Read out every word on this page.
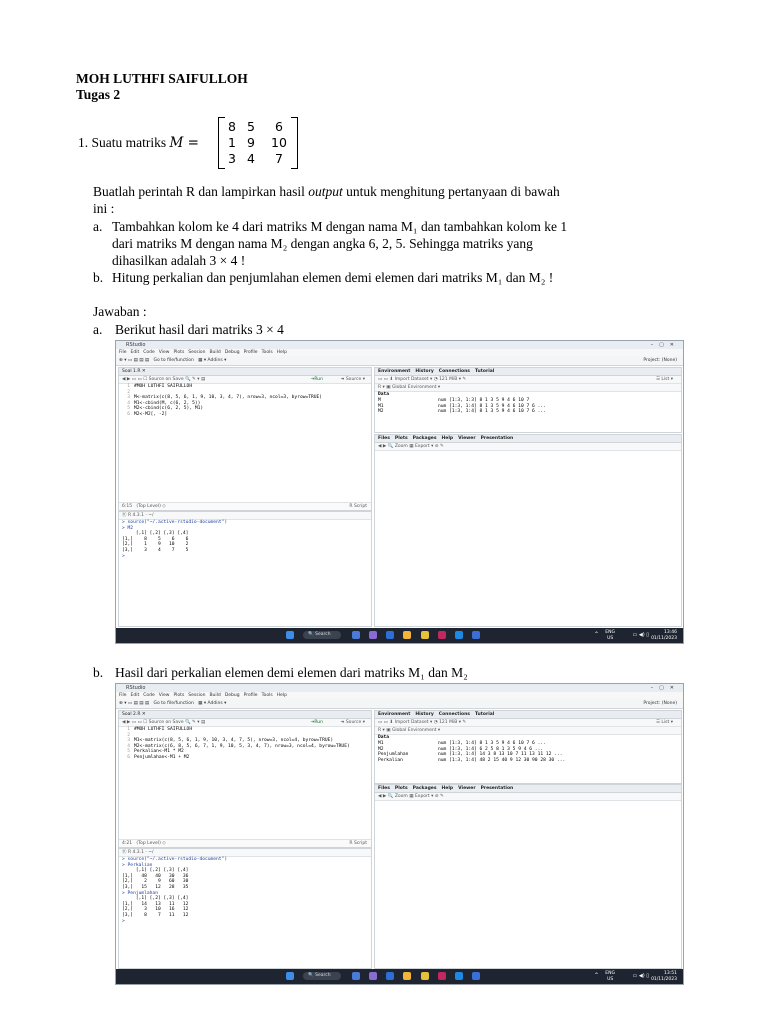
MOH LUTHFI SAIFULLOH
Tugas 2
1. Suatu matriks M =
8 5	6
1 9	10
3 4	7
Buatlah perintah R dan lampirkan hasil output untuk menghitung pertanyaan di bawah
ini :
a. Tambahkan kolom ke 4 dari matriks M dengan nama M₁ dan tambahkan kolom ke 1
dari matriks M dengan nama M₂ dengan angka 6, 2, 5. Sehingga matriks yang
dihasilkan adalah 3 × 4 !
b. Hitung perkalian dan penjumlahan elemen demi elemen dari matriks M₁ dan M₂ !
Jawaban :
a. Berikut hasil dari matriks 3 × 4
RStudio	–▢✕
File Edit Code View Plots Session Build Debug Profile Tools Help
⊕ ▾ ▭ ▤ ▤ ▤   Go to file/function   ▦ ▾ Addins ▾	Project: (None)
Soal 1.R ✕
◀ ▶ ▭ ▭ ☐ Source on Save 🔍 ✎ ▾ ▤	⇥Run	➜ Source ▾
1 #MOH LUTHFI SAIFULLOH
2
3 M<-matrix(c(8, 5, 6, 1, 9, 10, 3, 4, 7), nrow=3, ncol=3, byrow=TRUE)
4 M1<-cbind(M, c(6, 2, 5))
5 M2<-cbind(c(6, 2, 5), M1)
6 M2<-M2[, -2]
6:15 (Top Level) ◇	R Script
Ⓡ R 4.3.1 · ~/
> source("~/.active-rstudio-document")
> M2
[,1] [,2] [,3] [,4]
[1,]    8    5    6    6
[2,]    1    9   10    2
[3,]    3    4    7    5
>
Environment History Connections Tutorial
▭ ▭ ⬇ Import Dataset ▾ ◔ 121 MiB ▾ ✎	☰ List ▾
R ▾ ▣ Global Environment ▾
Data
M	num [1:3, 1:3] 8 1 3 5 9 4 6 10 7
M1	num [1:3, 1:4] 8 1 3 5 9 4 6 10 7 6 ...
M2	num [1:3, 1:4] 8 1 3 5 9 4 6 10 7 6 ...
Files Plots Packages Help Viewer Presentation
◀ ▶ 🔍 Zoom ▦ Export ▾ ⊘ ✎
🔍 Search	⌃ ENG
US	▭ ◀) ▯	13:46
01/11/2023
b. Hasil dari perkalian elemen demi elemen dari matriks M₁ dan M₂
RStudio	–▢✕
File Edit Code View Plots Session Build Debug Profile Tools Help
⊕ ▾ ▭ ▤ ▤ ▤   Go to file/function   ▦ ▾ Addins ▾	Project: (None)
Soal 2.R ✕
◀ ▶ ▭ ▭ ☐ Source on Save 🔍 ✎ ▾ ▤	⇥Run	➜ Source ▾
1 #MOH LUTHFI SAIFULLOH
2
3 M1<-matrix(c(8, 5, 6, 1, 9, 10, 3, 4, 7, 5), nrow=3, ncol=4, byrow=TRUE)
4 M2<-matrix(c(6, 8, 5, 6, 7, 1, 9, 10, 5, 3, 4, 7), nrow=3, ncol=4, byrow=TRUE)
5 Perkalian<-M1 * M2
6 Penjumlahan<-M1 + M2
4:21 (Top Level) ◇	R Script
Ⓡ R 4.3.1 · ~/
> source("~/.active-rstudio-document")
> Perkalian
[,1] [,2] [,3] [,4]
[1,]   48   40   30   36
[2,]    2    9   60   30
[3,]   15   12   28   35
> Penjumlahan
[,1] [,2] [,3] [,4]
[1,]   14   13   11   12
[2,]    3   10   16   12
[3,]    8    7   11   12
>
Environment History Connections Tutorial
▭ ▭ ⬇ Import Dataset ▾ ◔ 121 MiB ▾ ✎	☰ List ▾
R ▾ ▣ Global Environment ▾
Data
M1	num [1:3, 1:4] 8 1 3 5 9 4 6 10 7 6 ...
M2	num [1:3, 1:4] 6 2 5 8 1 3 5 9 4 6 ...
Penjumlahan	num [1:3, 1:4] 14 3 8 13 10 7 11 13 11 12 ...
Perkalian	num [1:3, 1:4] 48 2 15 40 9 12 30 90 28 30 ...
Files Plots Packages Help Viewer Presentation
◀ ▶ 🔍 Zoom ▦ Export ▾ ⊘ ✎
🔍 Search	⌃ ENG
US	▭ ◀) ▯	13:51
01/11/2023
